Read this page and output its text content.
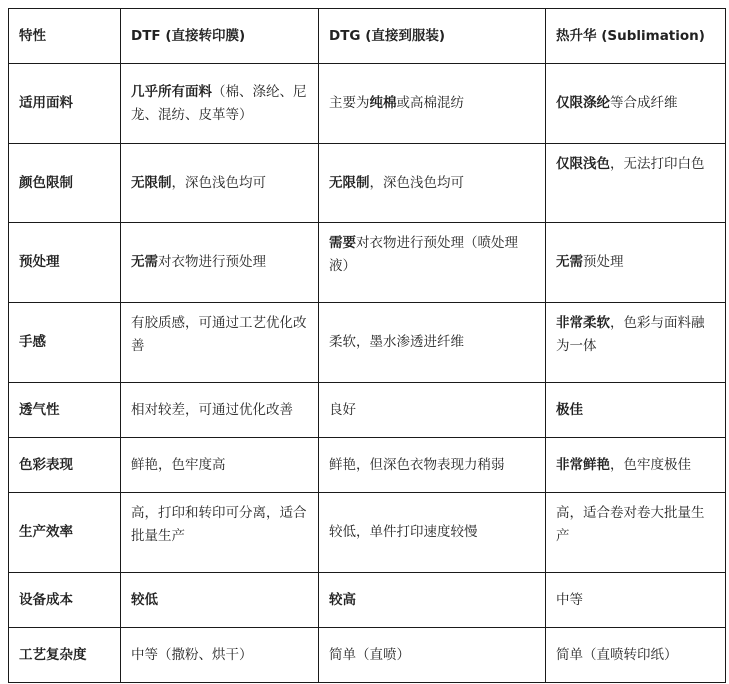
特性	DTF (直接转印膜)	DTG (直接到服装)	热升华 (Sublimation)
适用面料	几乎所有面料（棉、涤纶、尼龙、混纺、皮革等）	主要为纯棉或高棉混纺	仅限涤纶等合成纤维
颜色限制	无限制，深色浅色均可	无限制，深色浅色均可	仅限浅色，无法打印白色
预处理	无需对衣物进行预处理	需要对衣物进行预处理（喷处理液）	无需预处理
手感	有胶质感，可通过工艺优化改善	柔软，墨水渗透进纤维	非常柔软，色彩与面料融为一体
透气性	相对较差，可通过优化改善	良好	极佳
色彩表现	鲜艳，色牢度高	鲜艳，但深色衣物表现力稍弱	非常鲜艳，色牢度极佳
生产效率	高，打印和转印可分离，适合批量生产	较低，单件打印速度较慢	高，适合卷对卷大批量生产
设备成本	较低	较高	中等
工艺复杂度	中等（撒粉、烘干）	简单（直喷）	简单（直喷转印纸）
